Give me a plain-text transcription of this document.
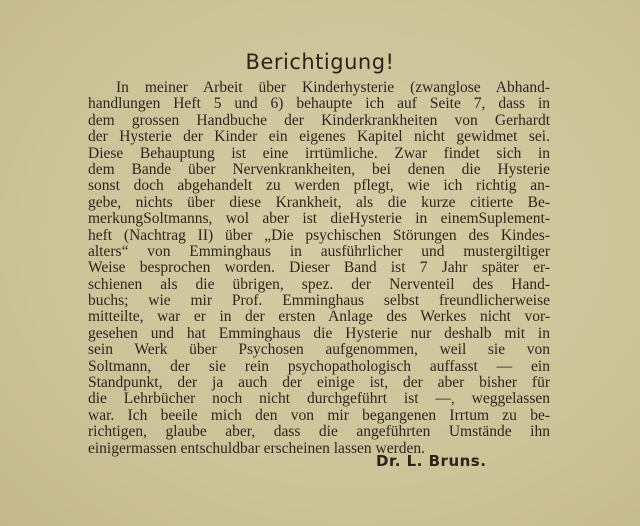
Berichtigung!
In meiner Arbeit über Kinderhysterie (zwanglose Abhand-
handlungen Heft 5 und 6) behaupte ich auf Seite 7, dass in
dem grossen Handbuche der Kinderkrankheiten von Gerhardt
der Hysterie der Kinder ein eigenes Kapitel nicht gewidmet sei.
Diese Behauptung ist eine irrtümliche. Zwar findet sich in
dem Bande über Nervenkrankheiten, bei denen die Hysterie
sonst doch abgehandelt zu werden pflegt, wie ich richtig an-
gebe, nichts über diese Krankheit, als die kurze citierte Be-
merkungSoltmanns, wol aber ist dieHysterie in einemSuplement-
heft (Nachtrag II) über „Die psychischen Störungen des Kindes-
alters“ von Emminghaus in ausführlicher und mustergiltiger
Weise besprochen worden. Dieser Band ist 7 Jahr später er-
schienen als die übrigen, spez. der Nerventeil des Hand-
buchs; wie mir Prof. Emminghaus selbst freundlicherweise
mitteilte, war er in der ersten Anlage des Werkes nicht vor-
gesehen und hat Emminghaus die Hysterie nur deshalb mit in
sein Werk über Psychosen aufgenommen, weil sie von
Soltmann, der sie rein psychopathologisch auffasst — ein
Standpunkt, der ja auch der einige ist, der aber bisher für
die Lehrbücher noch nicht durchgeführt ist —, weggelassen
war. Ich beeile mich den von mir begangenen Irrtum zu be-
richtigen, glaube aber, dass die angeführten Umstände ihn
einigermassen entschuldbar erscheinen lassen werden.
Dr. L. Bruns.
